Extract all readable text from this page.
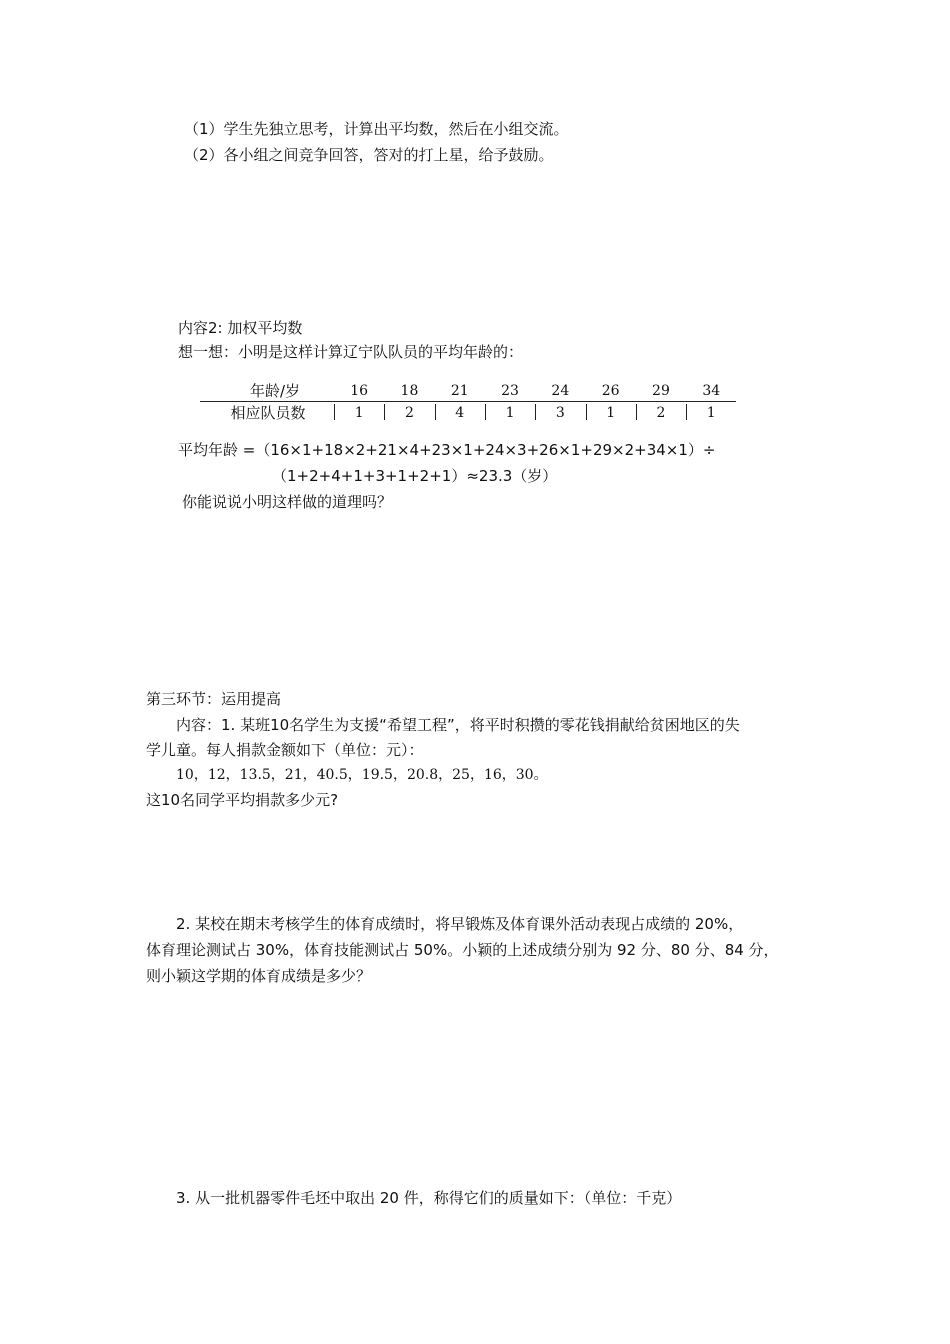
（1）学生先独立思考，计算出平均数，然后在小组交流。
（2）各小组之间竞争回答，答对的打上星，给予鼓励。
内容2: 加权平均数
想一想：小明是这样计算辽宁队队员的平均年龄的：
年龄/岁
相应队员数
16
1
18
2
21
4
23
1
24
3
26
1
29
2
34
1
平均年龄 =（16×1+18×2+21×4+23×1+24×3+26×1+29×2+34×1）÷
（1+2+4+1+3+1+2+1）≈23.3（岁）
你能说说小明这样做的道理吗？
第三环节：运用提高
内容：1. 某班10名学生为支援“希望工程”，将平时积攒的零花钱捐献给贫困地区的失
学儿童。每人捐款金额如下（单位：元）：
10，12，13.5，21，40.5，19.5，20.8，25，16，30。
这10名同学平均捐款多少元?
2. 某校在期末考核学生的体育成绩时，将早锻炼及体育课外活动表现占成绩的 20%，
体育理论测试占 30%，体育技能测试占 50%。小颖的上述成绩分别为 92 分、80 分、84 分，
则小颖这学期的体育成绩是多少？
3. 从一批机器零件毛坯中取出 20 件，称得它们的质量如下：（单位：千克）
